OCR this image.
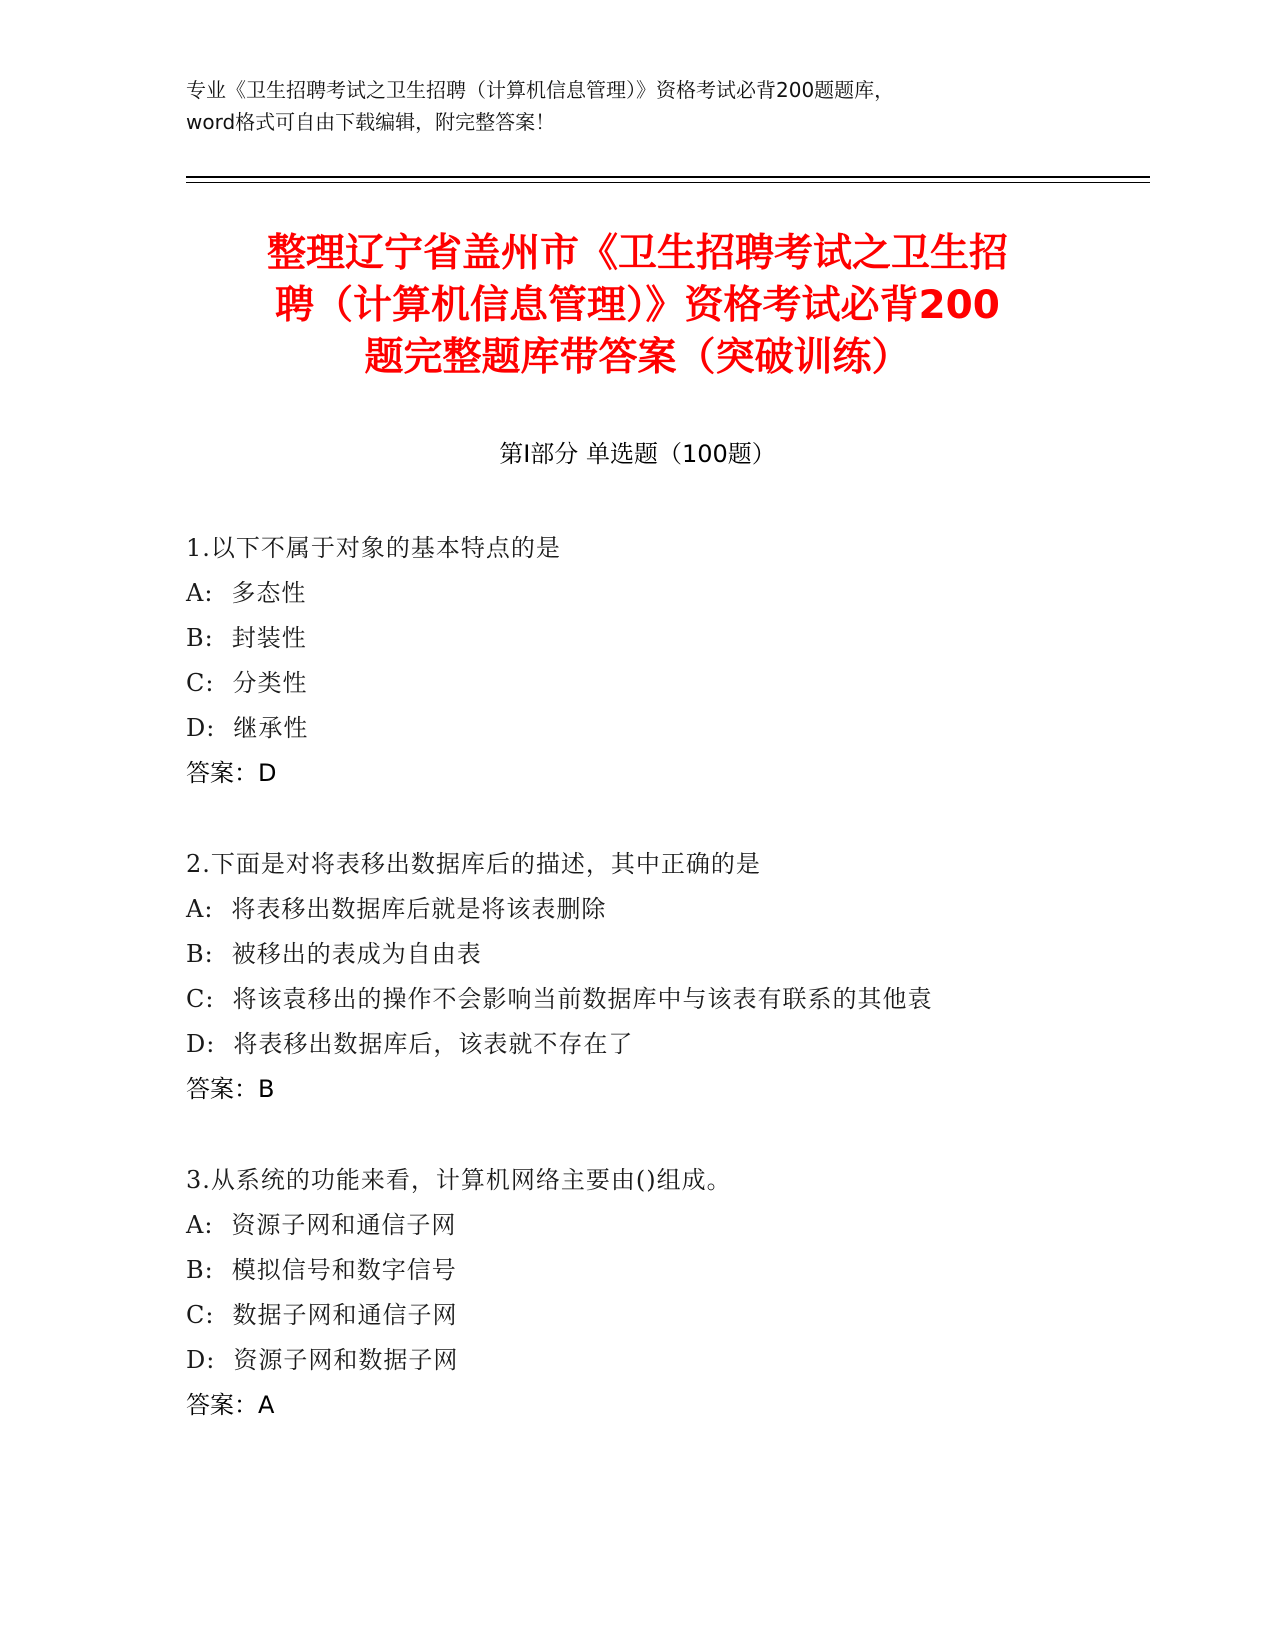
专业《卫生招聘考试之卫生招聘（计算机信息管理）》资格考试必背200题题库，
word格式可自由下载编辑，附完整答案！
整理辽宁省盖州市《卫生招聘考试之卫生招
聘（计算机信息管理）》资格考试必背200
题完整题库带答案（突破训练）
第Ⅰ部分 单选题（100题）
1.以下不属于对象的基本特点的是
A: 多态性
B: 封装性
C: 分类性
D: 继承性
答案：D
2.下面是对将表移出数据库后的描述，其中正确的是
A: 将表移出数据库后就是将该表删除
B: 被移出的表成为自由表
C: 将该袁移出的操作不会影响当前数据库中与该表有联系的其他袁
D: 将表移出数据库后，该表就不存在了
答案：B
3.从系统的功能来看，计算机网络主要由()组成。
A: 资源子网和通信子网
B: 模拟信号和数字信号
C: 数据子网和通信子网
D: 资源子网和数据子网
答案：A
